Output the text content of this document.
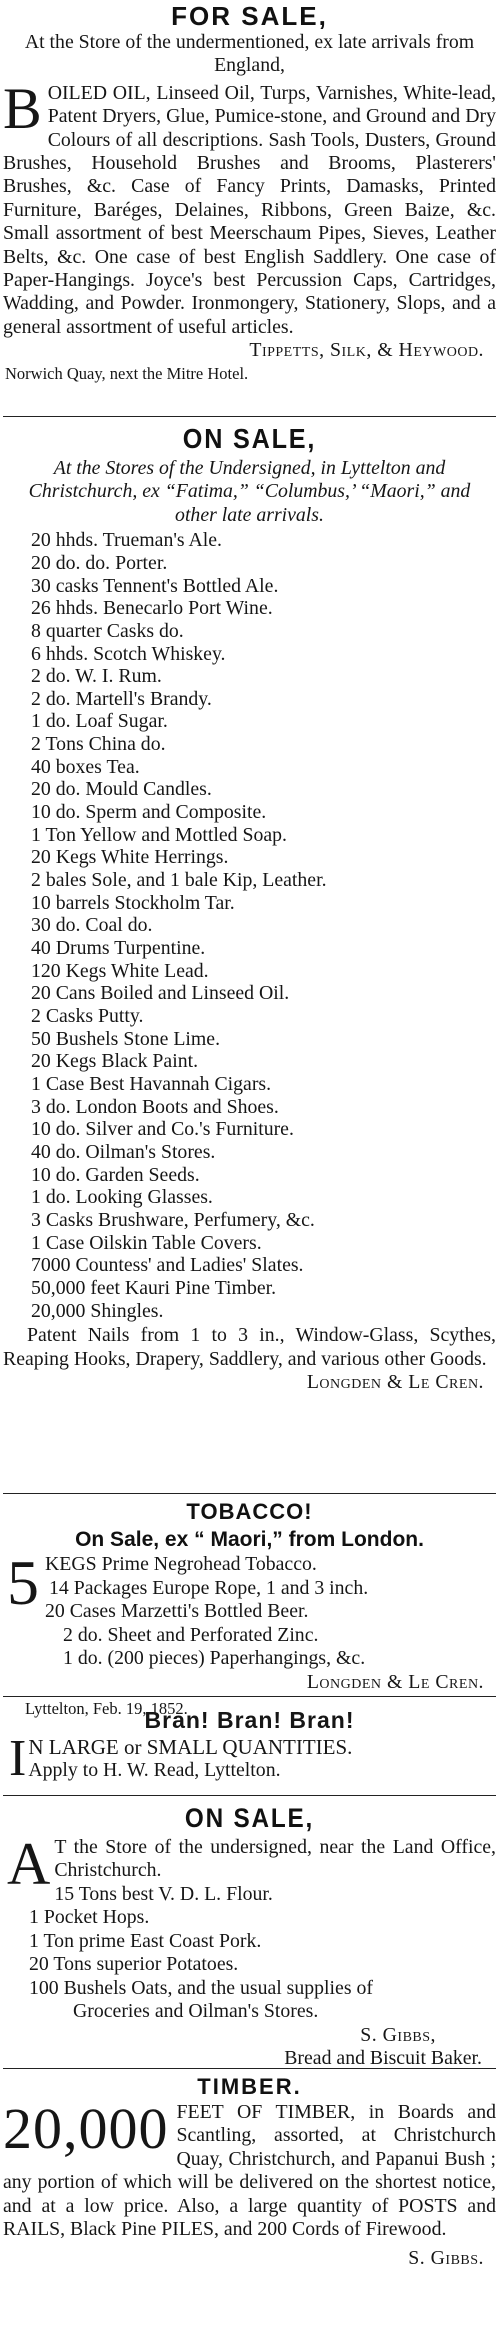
FOR SALE,

At the Store of the undermentioned, ex late arrivals from England,

BOILED OIL, Linseed Oil, Turps, Varnishes, White-lead, Patent Dryers, Glue, Pumice-stone, and Ground and Dry Colours of all descriptions. Sash Tools, Dusters, Ground Brushes, Household Brushes and Brooms, Plasterers' Brushes, &c. Case of Fancy Prints, Damasks, Printed Furniture, Baréges, Delaines, Ribbons, Green Baize, &c. Small assortment of best Meerschaum Pipes, Sieves, Leather Belts, &c. One case of best English Saddlery. One case of Paper-Hangings. Joyce's best Percussion Caps, Cartridges, Wadding, and Powder. Ironmongery, Stationery, Slops, and a general assortment of useful articles.

Tippetts, Silk, & Heywood.

Norwich Quay, next the Mitre Hotel.

ON SALE,

At the Stores of the Undersigned, in Lyttelton and Christchurch, ex “Fatima,” “Columbus,’ “Maori,” and other late arrivals.

20 hhds. Trueman's Ale.
20 do. do. Porter.
30 casks Tennent's Bottled Ale.
26 hhds. Benecarlo Port Wine.
8 quarter Casks do.
6 hhds. Scotch Whiskey.
2 do. W. I. Rum.
2 do. Martell's Brandy.
1 do. Loaf Sugar.
2 Tons China do.
40 boxes Tea.
20 do. Mould Candles.
10 do. Sperm and Composite.
1 Ton Yellow and Mottled Soap.
20 Kegs White Herrings.
2 bales Sole, and 1 bale Kip, Leather.
10 barrels Stockholm Tar.
30 do. Coal do.
40 Drums Turpentine.
120 Kegs White Lead.
20 Cans Boiled and Linseed Oil.
2 Casks Putty.
50 Bushels Stone Lime.
20 Kegs Black Paint.
1 Case Best Havannah Cigars.
3 do. London Boots and Shoes.
10 do. Silver and Co.'s Furniture.
40 do. Oilman's Stores.
10 do. Garden Seeds.
1 do. Looking Glasses.
3 Casks Brushware, Perfumery, &c.
1 Case Oilskin Table Covers.
7000 Countess' and Ladies' Slates.
50,000 feet Kauri Pine Timber.
20,000 Shingles.

Patent Nails from 1 to 3 in., Window-Glass, Scythes, Reaping Hooks, Drapery, Saddlery, and various other Goods.

Longden & Le Cren.

TOBACCO!
On Sale, ex “ Maori,” from London.
5 KEGS Prime Negrohead Tobacco.
14 Packages Europe Rope, 1 and 3 inch.
20 Cases Marzetti's Bottled Beer.
2 do. Sheet and Perforated Zinc.
1 do. (200 pieces) Paperhangings, &c.

Longden & Le Cren.

Lyttelton, Feb. 19, 1852.

Bran! Bran! Bran!
I N LARGE or SMALL QUANTITIES.

Apply to H. W. Read, Lyttelton.

ON SALE,
A T the Store of the undersigned, near the Land Office, Christchurch.

15 Tons best V. D. L. Flour.
1 Pocket Hops.
1 Ton prime East Coast Pork.
20 Tons superior Potatoes.
100 Bushels Oats, and the usual supplies of
Groceries and Oilman's Stores.

S. Gibbs,

Bread and Biscuit Baker.

TIMBER.

20,000 FEET OF TIMBER, in Boards and Scantling, assorted, at Christchurch Quay, Christchurch, and Papanui Bush ; any portion of which will be delivered on the shortest notice, and at a low price. Also, a large quantity of POSTS and RAILS, Black Pine PILES, and 200 Cords of Firewood.

S. Gibbs.
